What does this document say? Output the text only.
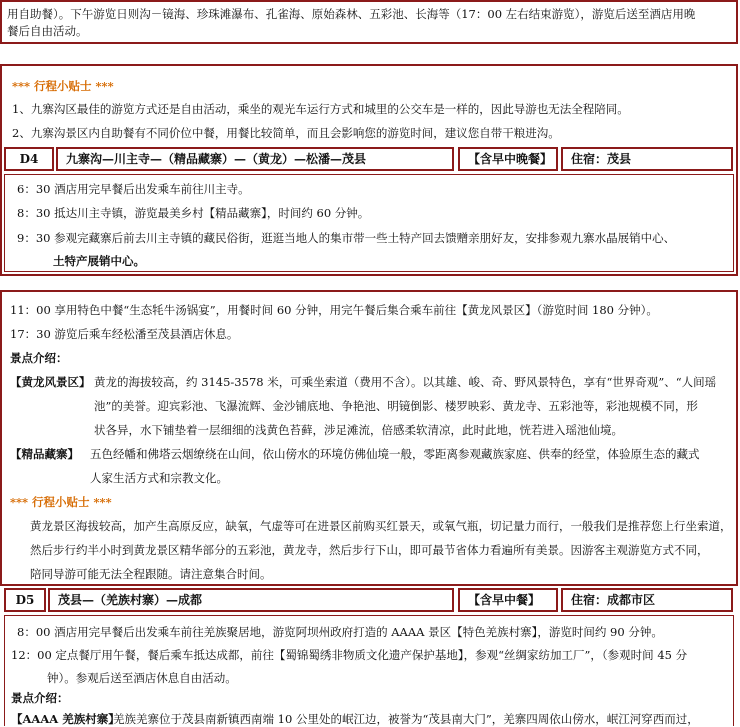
用自助餐）。下午游览日则沟－镜海、珍珠滩瀑布、孔雀海、原始森林、五彩池、长海等（17：00 左右结束游览），游览后送至酒店用晚
餐后自由活动。
*** 行程小贴士 ***
1、九寨沟区最佳的游览方式还是自由活动，乘坐的观光车运行方式和城里的公交车是一样的，因此导游也无法全程陪同。
2、九寨沟景区内自助餐有不同价位中餐，用餐比较简单，而且会影响您的游览时间，建议您自带干粮进沟。
D4	九寨沟—川主寺—（精品藏寨）—（黄龙）—松潘—茂县	【含早中晚餐】	住宿：茂县
6：30 酒店用完早餐后出发乘车前往川主寺。
8：30 抵达川主寺镇，游览最美乡村【精品藏寨】，时间约 60 分钟。
9：30 参观完藏寨后前去川主寺镇的藏民俗街，逛逛当地人的集市带一些土特产回去馈赠亲朋好友，安排参观九寨水晶展销中心、
土特产展销中心。
11：00 享用特色中餐“生态牦牛汤锅宴”，用餐时间 60 分钟，用完午餐后集合乘车前往【黄龙风景区】（游览时间 180 分钟）。
17：30 游览后乘车经松潘至茂县酒店休息。
景点介绍：
【黄龙风景区】 黄龙的海拔较高，约 3145-3578 米，可乘坐索道（费用不含）。以其雄、峻、奇、野风景特色，享有“世界奇观”、“人间瑶
池”的美誉。迎宾彩池、飞瀑流辉、金沙铺底地、争艳池、明镜倒影、楼罗映彩、黄龙寺、五彩池等，彩池规模不同，形
状各异，水下铺垫着一层细细的浅黄色苔藓，涉足滩流，倍感柔软清凉，此时此地，恍若进入瑶池仙境。
【精品藏寨】 五色经幡和佛塔云烟缭绕在山间，依山傍水的环境仿佛仙境一般，零距离参观藏族家庭、供奉的经堂，体验原生态的藏式
人家生活方式和宗教文化。
*** 行程小贴士 ***
黄龙景区海拔较高，加产生高原反应，缺氧，气虚等可在进景区前购买红景天，或氧气瓶，切记量力而行，一般我们是推荐您上行坐索道，
然后步行约半小时到黄龙景区精华部分的五彩池，黄龙寺，然后步行下山，即可最节省体力看遍所有美景。因游客主观游览方式不同，
陪同导游可能无法全程跟随。请注意集合时间。
D5	茂县—（羌族村寨）—成都	【含早中餐】	住宿：成都市区
8：00 酒店用完早餐后出发乘车前往羌族聚居地，游览阿坝州政府打造的 AAAA 景区【特色羌族村寨】，游览时间约 90 分钟。
12：00 定点餐厅用午餐，餐后乘车抵达成都，前往【蜀锦蜀绣非物质文化遗产保护基地】，参观“丝绸家纺加工厂”，（参观时间 45 分
钟）。参观后送至酒店休息自由活动。
景点介绍：
【AAAA 羌族村寨】
羌族羌寨位于茂县南新镇西南端 10 公里处的岷江边，被誉为“茂县南大门”，羌寨四周依山傍水，岷江河穿西而过，
